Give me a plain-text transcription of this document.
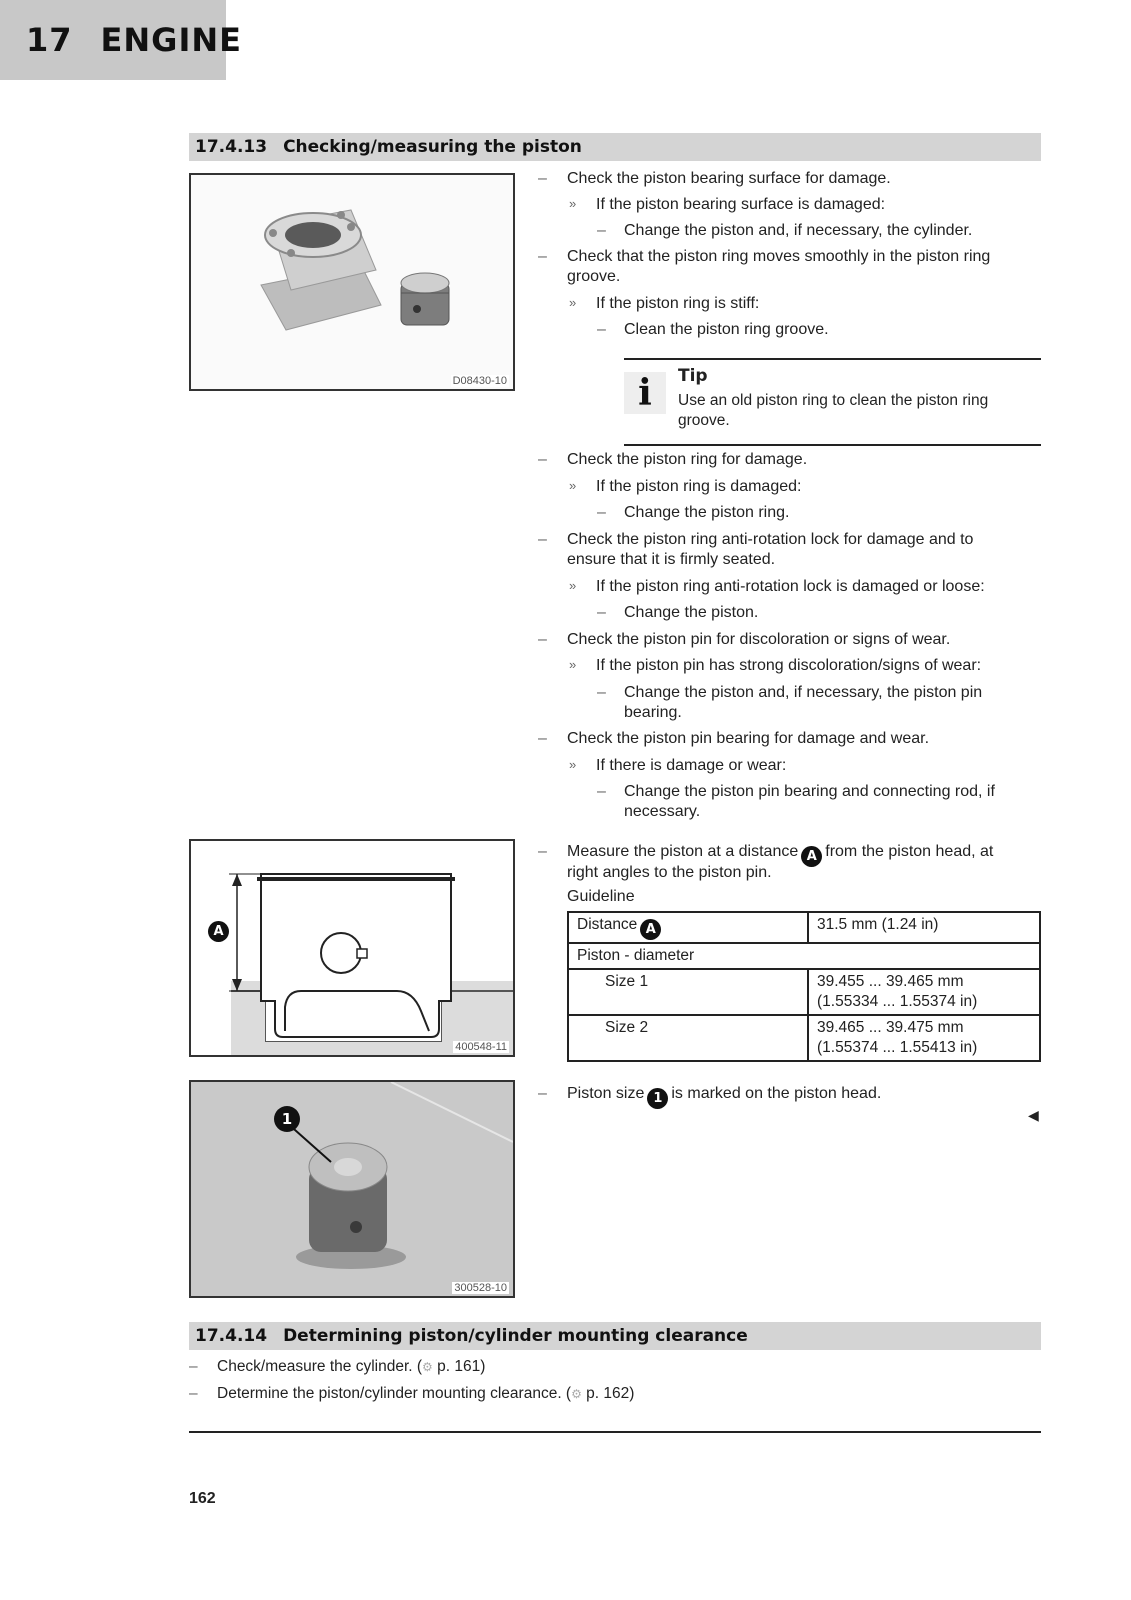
17 ENGINE
17.4.13 Checking/measuring the piston
D08430-10
– Check the piston bearing surface for damage.
» If the piston bearing surface is damaged:
– Change the piston and, if necessary, the cylinder.
– Check that the piston ring moves smoothly in the piston ring
groove.
» If the piston ring is stiff:
– Clean the piston ring groove.
i	Tip
Use an old piston ring to clean the piston ring
groove.
– Check the piston ring for damage.
» If the piston ring is damaged:
– Change the piston ring.
– Check the piston ring anti-rotation lock for damage and to
ensure that it is firmly seated.
» If the piston ring anti-rotation lock is damaged or loose:
– Change the piston.
– Check the piston pin for discoloration or signs of wear.
» If the piston pin has strong discoloration/signs of wear:
– Change the piston and, if necessary, the piston pin
bearing.
– Check the piston pin bearing for damage and wear.
» If there is damage or wear:
– Change the piston pin bearing and connecting rod, if
necessary.
A
400548-11
– Measure the piston at a distance A from the piston head, at
right angles to the piston pin.
Guideline
Distance A	31.5 mm (1.24 in)
Piston - diameter	
Size 1	39.455 ... 39.465 mm
(1.55334 ... 1.55374 in)

Size 2	39.465 ... 39.475 mm
(1.55374 ... 1.55413 in)
1
300528-10
– Piston size 1 is marked on the piston head.
◀
17.4.14 Determining piston/cylinder mounting clearance
– Check/measure the cylinder. (⚙ p. 161)
– Determine the piston/cylinder mounting clearance. (⚙ p. 162)
162
